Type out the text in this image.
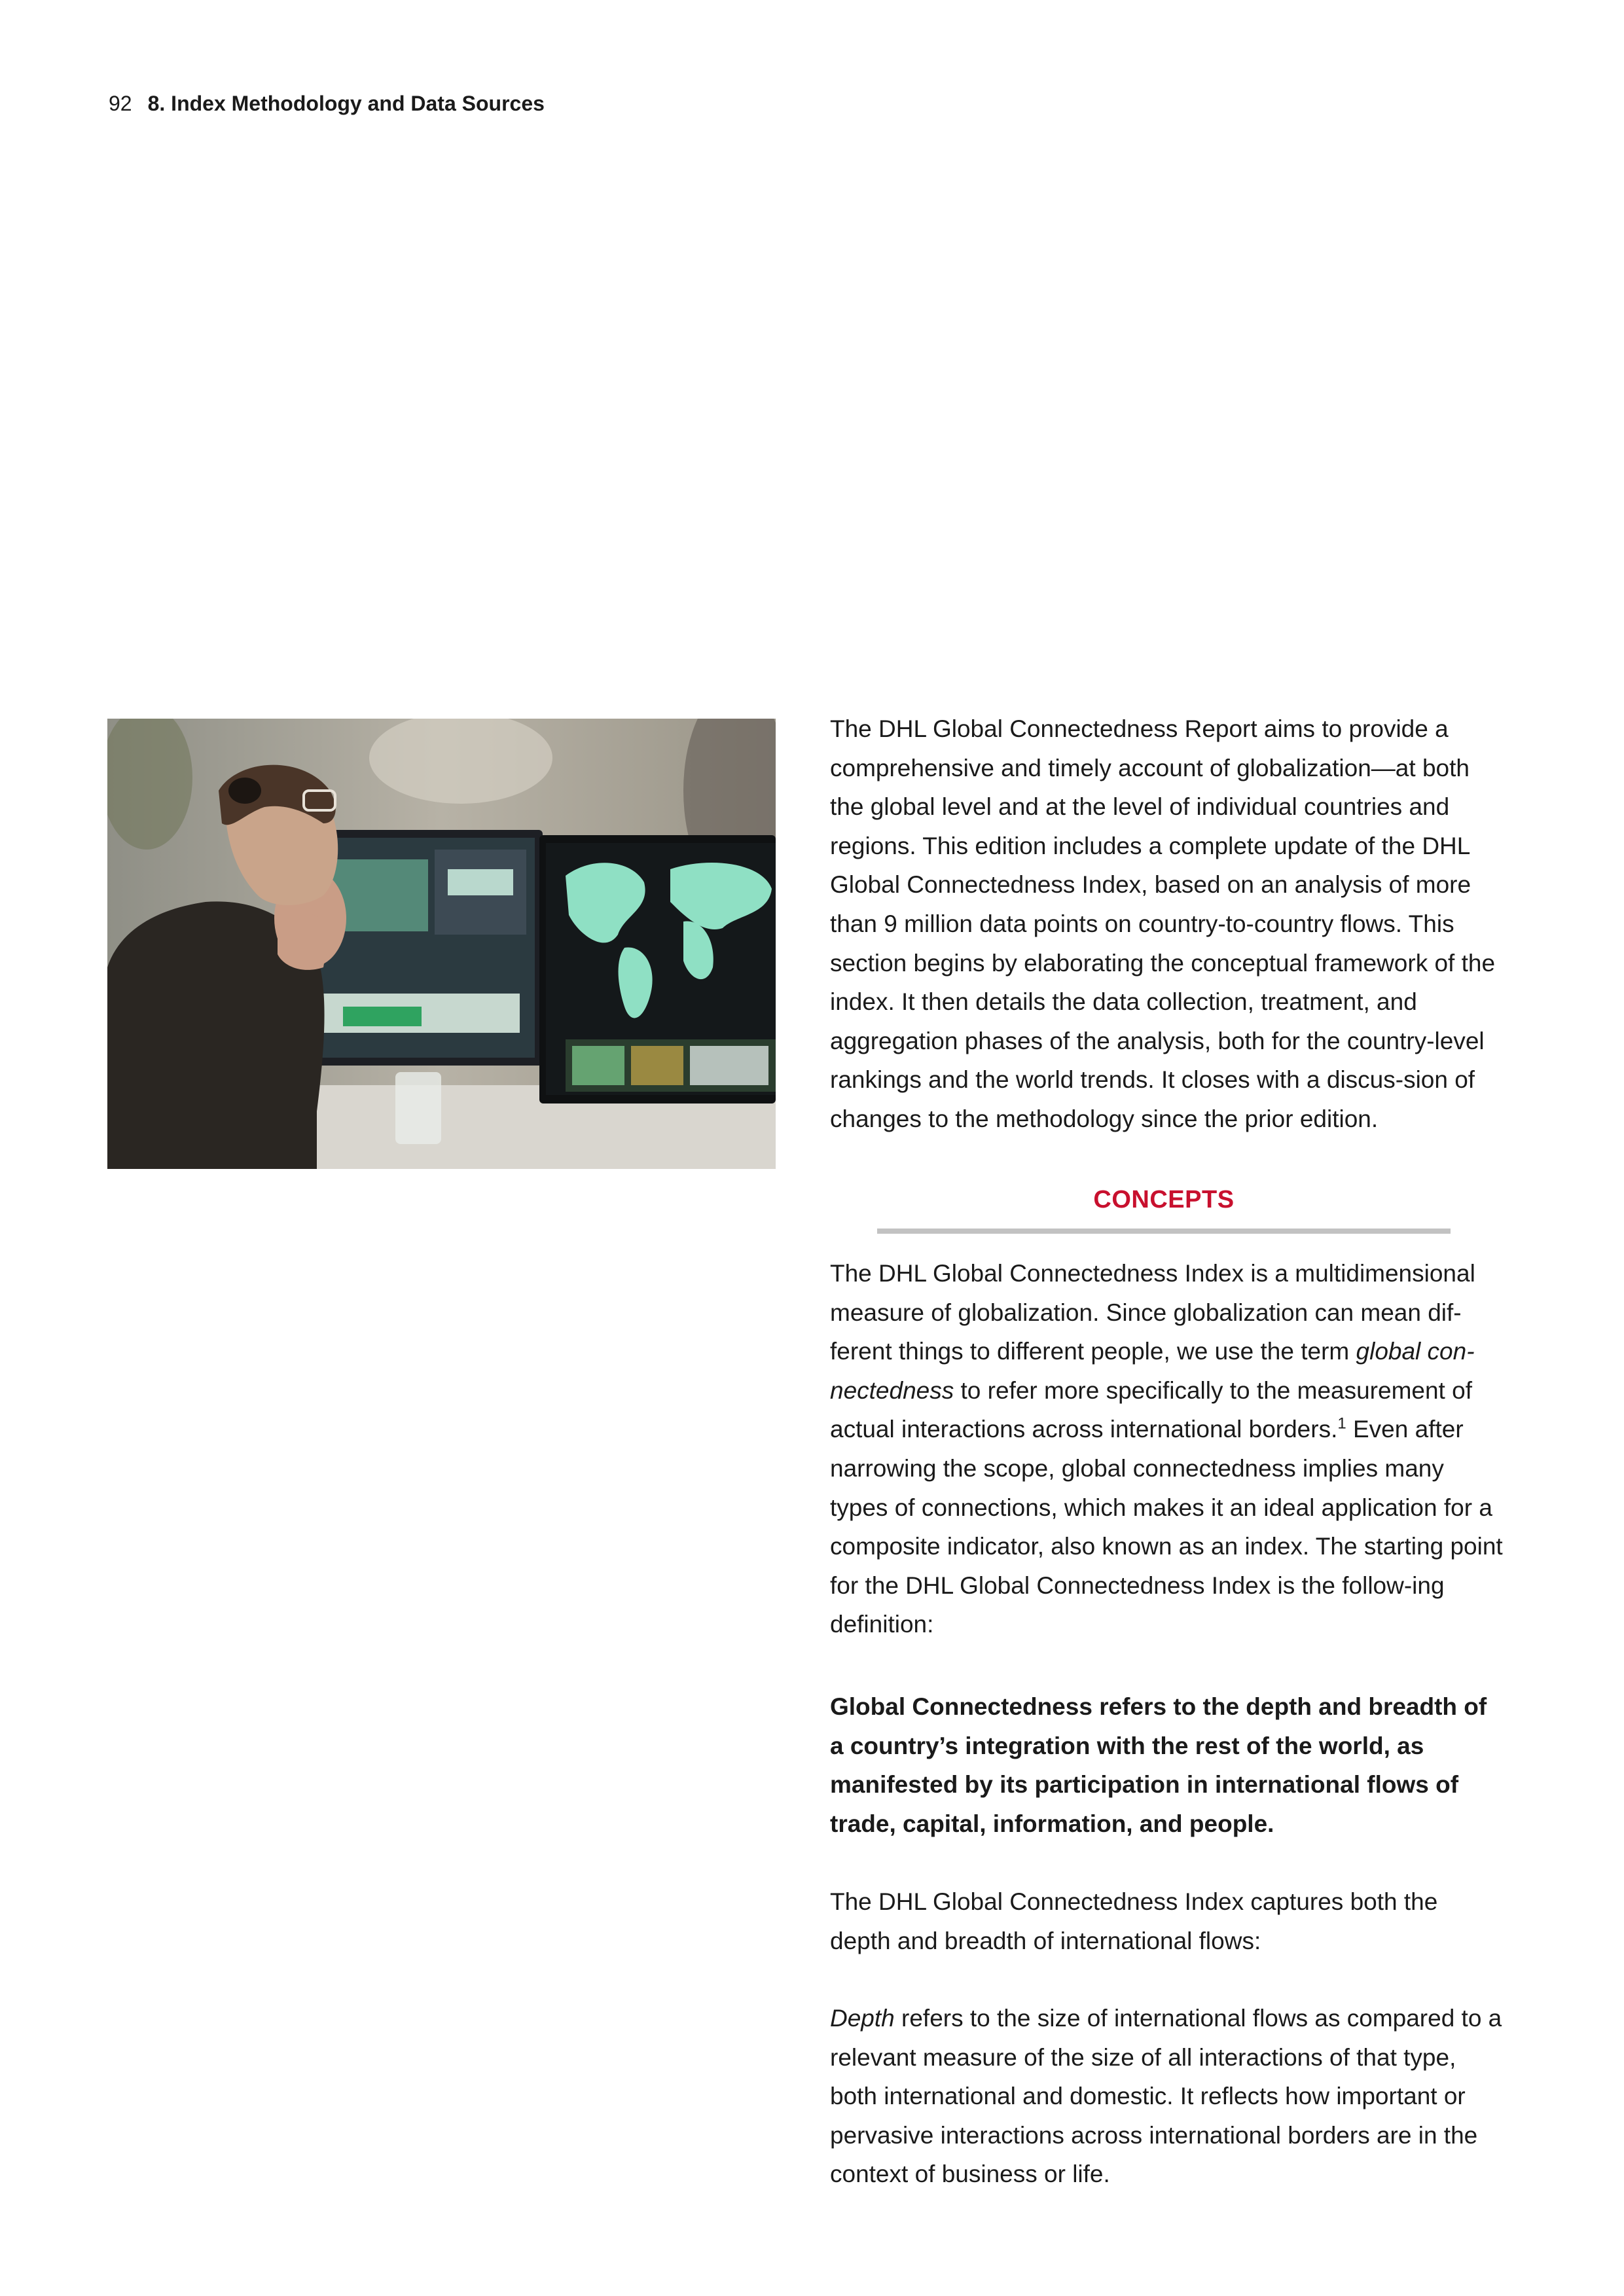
92 8. Index Methodology and Data Sources

The DHL Global Connectedness Report aims to provide a comprehensive and timely account of globalization—at both the global level and at the level of individual countries and regions. This edition includes a complete update of the DHL Global Connectedness Index, based on an analysis of more than 9 million data points on country-to-country flows. This section begins by elaborating the conceptual framework of the index. It then details the data collection, treatment, and aggregation phases of the analysis, both for the country-level rankings and the world trends. It closes with a discus-sion of changes to the methodology since the prior edition.

CONCEPTS

The DHL Global Connectedness Index is a multidimensional measure of globalization. Since globalization can mean dif-ferent things to different people, we use the term global con-nectedness to refer more specifically to the measurement of actual interactions across international borders.$^1$ Even after narrowing the scope, global connectedness implies many types of connections, which makes it an ideal application for a composite indicator, also known as an index. The starting point for the DHL Global Connectedness Index is the follow-ing definition:

Global Connectedness refers to the depth and breadth of a country’s integration with the rest of the world, as manifested by its participation in international flows of trade, capital, information, and people.

The DHL Global Connectedness Index captures both the depth and breadth of international flows:

Depth refers to the size of international flows as compared to a relevant measure of the size of all interactions of that type, both international and domestic. It reflects how important or pervasive interactions across international borders are in the context of business or life.
